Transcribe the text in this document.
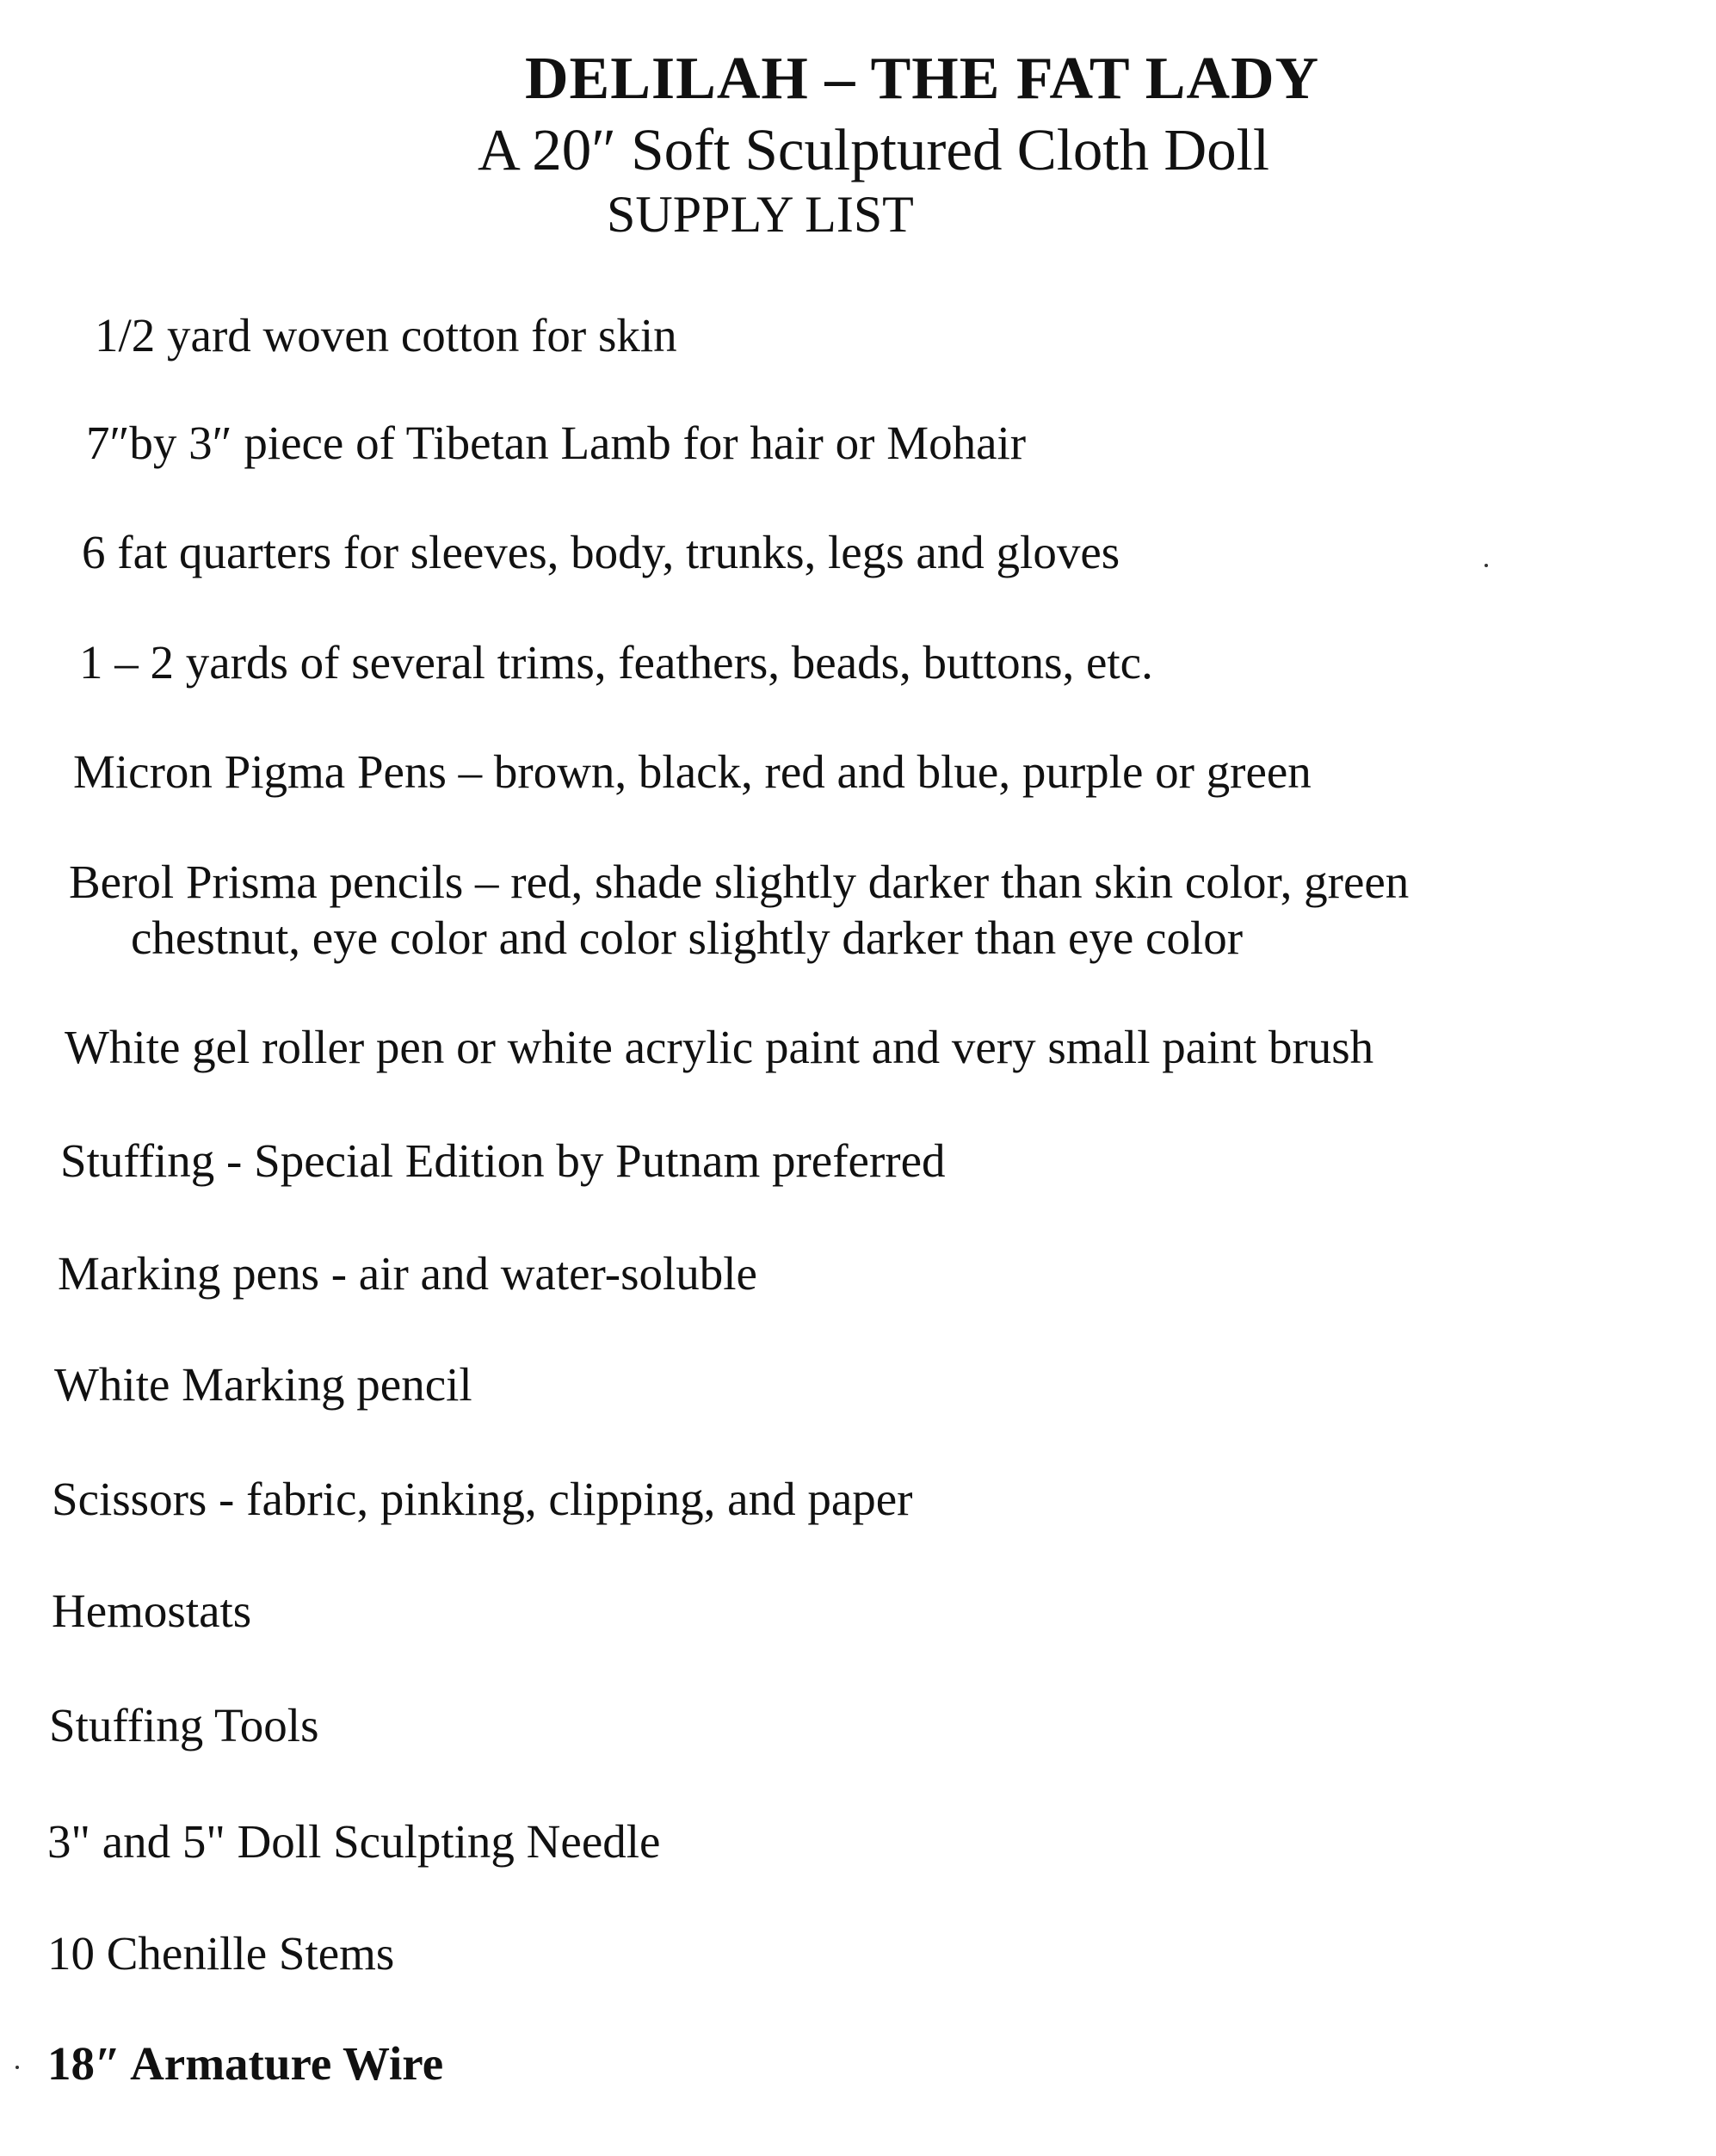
DELILAH – THE FAT LADY
A 20″ Soft Sculptured Cloth Doll
SUPPLY LIST
1/2 yard woven cotton for skin
7″by 3″ piece of Tibetan Lamb for hair or Mohair
6 fat quarters for sleeves, body, trunks, legs and gloves
1 – 2 yards of several trims, feathers, beads, buttons, etc.
Micron Pigma Pens – brown, black, red and blue, purple or green
Berol Prisma pencils – red, shade slightly darker than skin color, green
chestnut, eye color and color slightly darker than eye color
White gel roller pen or white acrylic paint and very small paint brush
Stuffing - Special Edition by Putnam preferred
Marking pens - air and water-soluble
White Marking pencil
Scissors - fabric, pinking, clipping, and paper
Hemostats
Stuffing Tools
3" and 5" Doll Sculpting Needle
10 Chenille Stems
18″ Armature Wire
